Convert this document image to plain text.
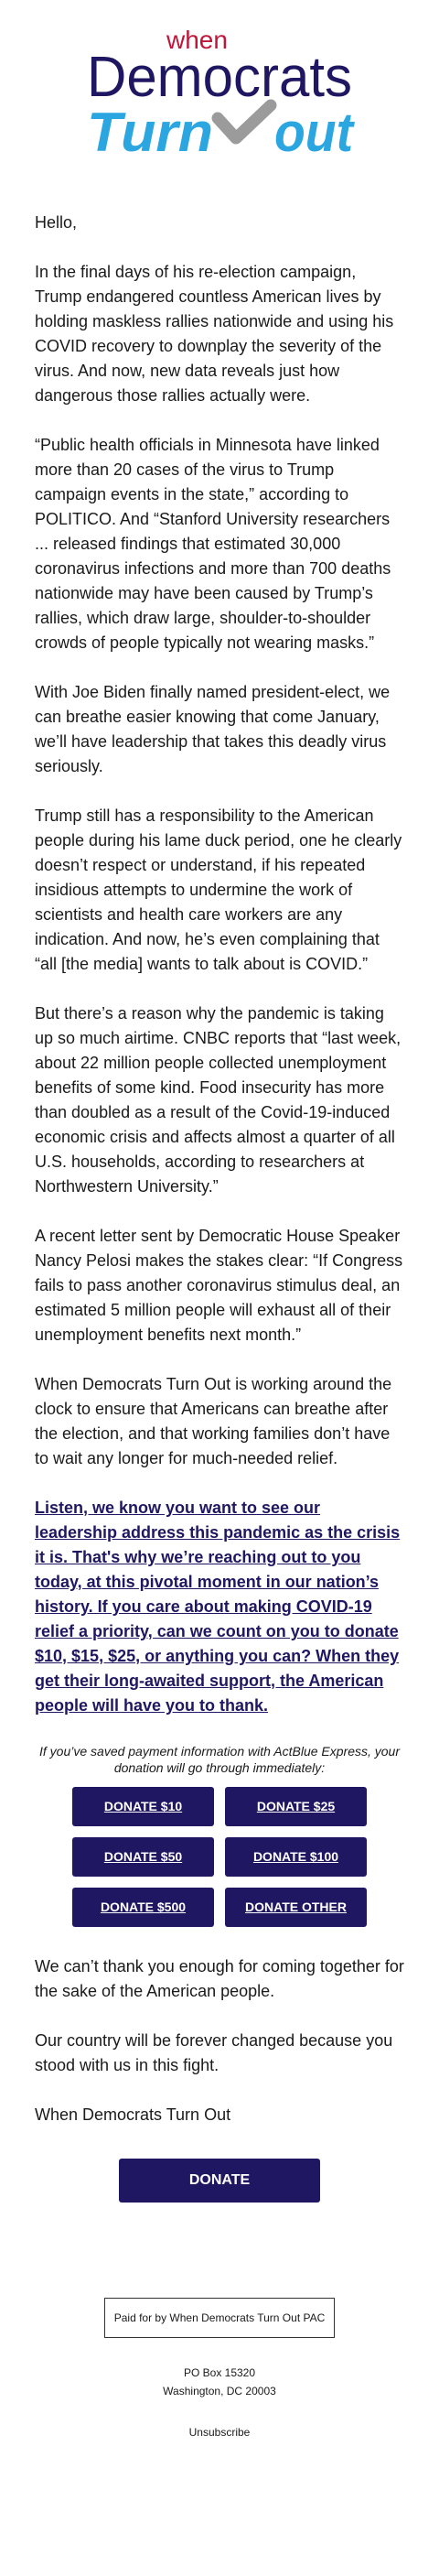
when
Democrats
Turn out

Hello,

In the final days of his re-election campaign, Trump endangered countless American lives by holding maskless rallies nationwide and using his COVID recovery to downplay the severity of the virus. And now, new data reveals just how dangerous those rallies actually were.

“Public health officials in Minnesota have linked more than 20 cases of the virus to Trump campaign events in the state,” according to POLITICO. And “Stanford University researchers ... released findings that estimated 30,000 coronavirus infections and more than 700 deaths nationwide may have been caused by Trump’s rallies, which draw large, shoulder-to-shoulder crowds of people typically not wearing masks.”

With Joe Biden finally named president-elect, we can breathe easier knowing that come January, we’ll have leadership that takes this deadly virus seriously.

Trump still has a responsibility to the American people during his lame duck period, one he clearly doesn’t respect or understand, if his repeated insidious attempts to undermine the work of scientists and health care workers are any indication. And now, he’s even complaining that “all [the media] wants to talk about is COVID.”

But there’s a reason why the pandemic is taking up so much airtime. CNBC reports that “last week, about 22 million people collected unemployment benefits of some kind. Food insecurity has more than doubled as a result of the Covid-19-induced economic crisis and affects almost a quarter of all U.S. households, according to researchers at Northwestern University.”

A recent letter sent by Democratic House Speaker Nancy Pelosi makes the stakes clear: “If Congress fails to pass another coronavirus stimulus deal, an estimated 5 million people will exhaust all of their unemployment benefits next month.”

When Democrats Turn Out is working around the clock to ensure that Americans can breathe after the election, and that working families don’t have to wait any longer for much-needed relief.

Listen, we know you want to see our leadership address this pandemic as the crisis it is. That's why we’re reaching out to you today, at this pivotal moment in our nation’s history. If you care about making COVID-19 relief a priority, can we count on you to donate $10, $15, $25, or anything you can? When they get their long-awaited support, the American people will have you to thank.

If you’ve saved payment information with ActBlue Express, your donation will go through immediately:

DONATE $10	DONATE $25
DONATE $50	DONATE $100
DONATE $500	DONATE OTHER

We can’t thank you enough for coming together for the sake of the American people.

Our country will be forever changed because you stood with us in this fight.

When Democrats Turn Out

DONATE
Paid for by When Democrats Turn Out PAC
PO Box 15320
Washington, DC 20003
Unsubscribe
